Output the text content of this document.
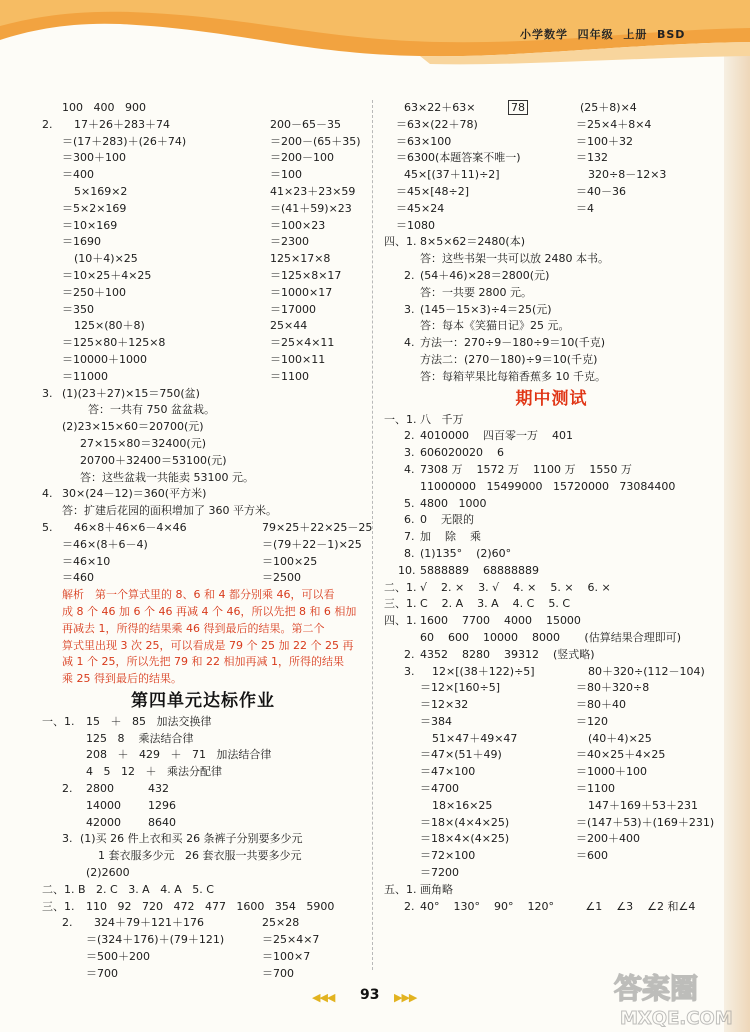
小学数学  四年级  上册  BSD
100   400   900
2. 17＋26＋283＋74	200－65－35
＝(17＋283)＋(26＋74)	＝200－(65＋35)
＝300＋100	＝200－100
＝400	＝100
5×169×2	41×23＋23×59
＝5×2×169	＝(41＋59)×23
＝10×169	＝100×23
＝1690	＝2300
(10＋4)×25	125×17×8
＝10×25＋4×25	＝125×8×17
＝250＋100	＝1000×17
＝350	＝17000
125×(80＋8)	25×44
＝125×80＋125×8	＝25×4×11
＝10000＋1000	＝100×11
＝11000	＝1100
3. (1)(23＋27)×15＝750(盆)
答：一共有 750 盆盆栽。
(2)23×15×60＝20700(元)
27×15×80＝32400(元)
20700＋32400＝53100(元)
答：这些盆栽一共能卖 53100 元。
4. 30×(24－12)＝360(平方米)
答：扩建后花园的面积增加了 360 平方米。
5. 46×8＋46×6－4×46	79×25＋22×25－25
＝46×(8＋6－4)	＝(79＋22－1)×25
＝46×10	＝100×25
＝460	＝2500
解析　第一个算式里的 8、6 和 4 都分别乘 46，可以看
成 8 个 46 加 6 个 46 再减 4 个 46，所以先把 8 和 6 相加
再减去 1，所得的结果乘 46 得到最后的结果。第二个
算式里出现 3 次 25，可以看成是 79 个 25 加 22 个 25 再
减 1 个 25，所以先把 79 和 22 相加再减 1，所得的结果
乘 25 得到最后的结果。
第四单元达标作业
一、1. 15   ＋   85   加法交换律
125   8    乘法结合律
208   ＋   429   ＋   71   加法结合律
4   5   12   ＋   乘法分配律
2. 2800	432
14000 1296
42000 8640
3. (1)买 26 件上衣和买 26 条裤子分别要多少元
1 套衣服多少元   26 套衣服一共要多少元
(2)2600
二、1. B   2. C   3. A   4. A   5. C
三、1. 110   92   720   472   477   1600   354   5900
2. 324＋79＋121＋176	25×28
＝(324＋176)＋(79＋121)	＝25×4×7
＝500＋200	＝100×7
＝700	＝700
63×22＋63×	78	(25＋8)×4
＝63×(22＋78)	＝25×4＋8×4
＝63×100	＝100＋32
＝6300(本题答案不唯一)	＝132
45×[(37＋11)÷2]	320÷8－12×3
＝45×[48÷2]	＝40－36
＝45×24	＝4
＝1080
四、1. 8×5×62＝2480(本)
答：这些书架一共可以放 2480 本书。
2. (54＋46)×28＝2800(元)
答：一共要 2800 元。
3. (145－15×3)÷4＝25(元)
答：每本《笑猫日记》25 元。
4. 方法一：270÷9－180÷9＝10(千克)
方法二：(270－180)÷9＝10(千克)
答：每箱苹果比每箱香蕉多 10 千克。
期中测试
一、1. 八   千万
2. 4010000    四百零一万    401
3. 606020020    6
4. 7308 万    1572 万    1100 万    1550 万
11000000   15499000   15720000   73084400
5. 4800   1000
6. 0    无限的
7. 加    除    乘
8. (1)135°    (2)60°
10. 5888889    68888889
二、1. √    2. ×    3. √    4. ×    5. ×    6. ×
三、1. C    2. A    3. A    4. C    5. C
四、1. 1600    7700    4000    15000
60    600    10000    8000       (估算结果合理即可)
2. 4352    8280    39312    (竖式略)
3. 12×[(38＋122)÷5]	80＋320÷(112－104)
＝12×[160÷5]	＝80＋320÷8
＝12×32	＝80＋40
＝384	＝120
51×47＋49×47	(40＋4)×25
＝47×(51＋49)	＝40×25＋4×25
＝47×100	＝1000＋100
＝4700	＝1100
18×16×25	147＋169＋53＋231
＝18×(4×4×25)	＝(147＋53)＋(169＋231)
＝18×4×(4×25)	＝200＋400
＝72×100	＝600
＝7200
五、1. 画角略
2. 40°    130°    90°    120°         ∠1    ∠3    ∠2 和∠4
◀◀◀ 93 ▶▶▶	答案圈
MXQE.COM
